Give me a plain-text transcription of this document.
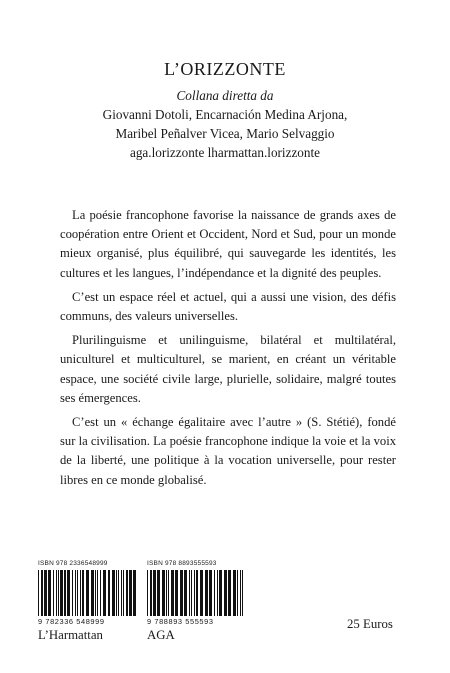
L’ORIZZONTE
Collana diretta da
Giovanni Dotoli, Encarnación Medina Arjona,
Maribel Peñalver Vicea, Mario Selvaggio
aga.lorizzonte lharmattan.lorizzonte

La poésie francophone favorise la naissance de grands axes de coopération entre Orient et Occident, Nord et Sud, pour un monde mieux organisé, plus équilibré, qui sauvegarde les identités, les cultures et les langues, l’indépendance et la dignité des peuples.

C’est un espace réel et actuel, qui a aussi une vision, des défis communs, des valeurs universelles.

Plurilinguisme et unilinguisme, bilatéral et multilatéral, uniculturel et multiculturel, se marient, en créant un véritable espace, une société civile large, plurielle, solidaire, malgré toutes ses émergences.

C’est un « échange égalitaire avec l’autre » (S. Stétié), fondé sur la civilisation. La poésie francophone indique la voie et la voix de la liberté, une politique à la vocation universelle, pour rester libres en ce monde globalisé.

ISBN 978 2336548999
9 782336 548999
L’Harmattan
ISBN 978 8893555593
9 788893 555593
AGA
25 Euros
